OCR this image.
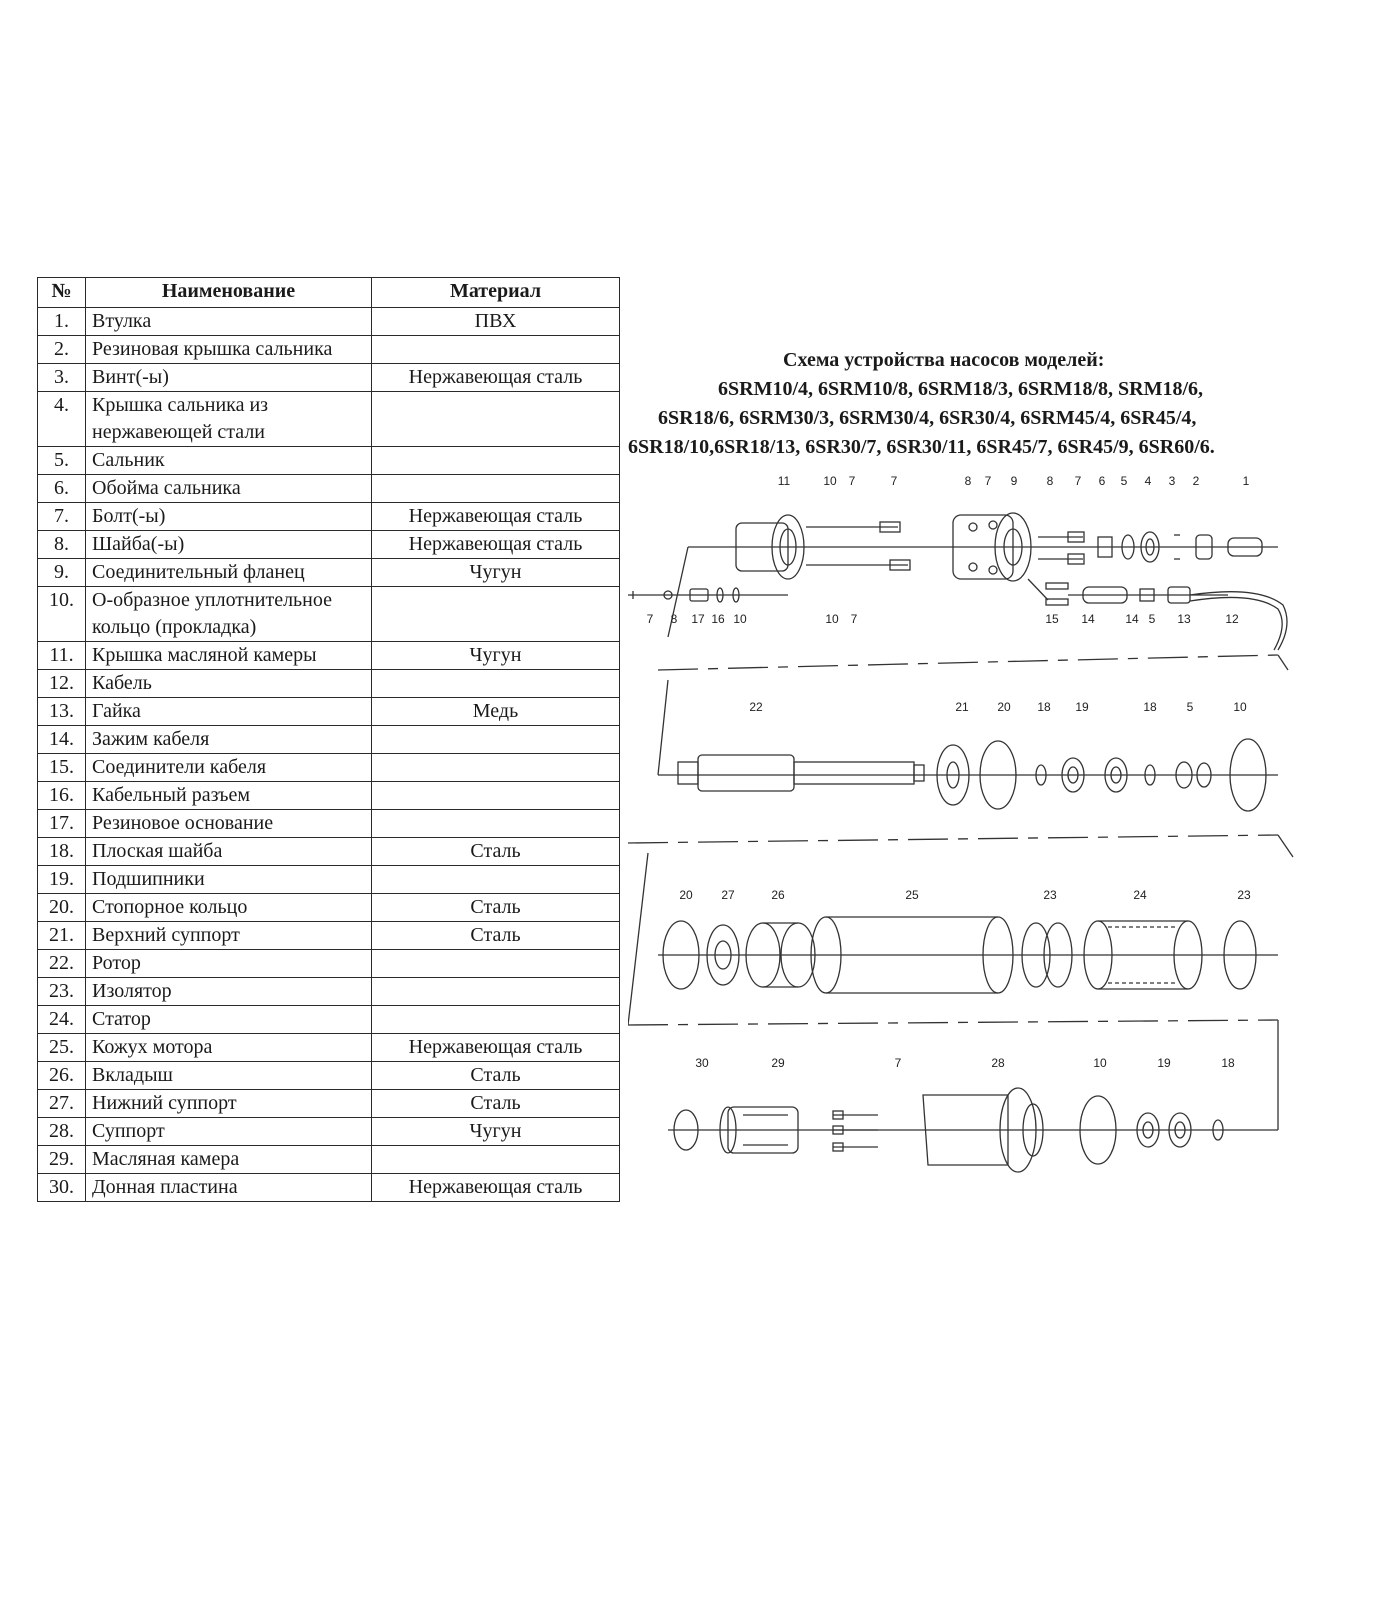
№	Наименование	Материал
1.	Втулка	ПВХ
2.	Резиновая крышка сальника	
3.	Винт(-ы)	Нержавеющая сталь
4.	Крышка сальника из нержавеющей стали	
5.	Сальник	
6.	Обойма сальника	
7.	Болт(-ы)	Нержавеющая сталь
8.	Шайба(-ы)	Нержавеющая сталь
9.	Соединительный фланец	Чугун
10.	О-образное уплотнительное кольцо (прокладка)	
11.	Крышка масляной камеры	Чугун
12.	Кабель	
13.	Гайка	Медь
14.	Зажим кабеля	
15.	Соединители кабеля	
16.	Кабельный разъем	
17.	Резиновое основание	
18.	Плоская шайба	Сталь
19.	Подшипники	
20.	Стопорное кольцо	Сталь
21.	Верхний суппорт	Сталь
22.	Ротор	
23.	Изолятор	
24.	Статор	
25.	Кожух мотора	Нержавеющая сталь
26.	Вкладыш	Сталь
27.	Нижний суппорт	Сталь
28.	Суппорт	Чугун
29.	Масляная камера	
30.	Донная пластина	Нержавеющая сталь
Схема устройства насосов моделей:
6SRM10/4, 6SRM10/8, 6SRM18/3, 6SRM18/8, SRM18/6,
6SR18/6, 6SRM30/3, 6SRM30/4, 6SR30/4, 6SRM45/4, 6SR45/4,
6SR18/10,6SR18/13, 6SR30/7, 6SR30/11, 6SR45/7, 6SR45/9, 6SR60/6.
11	10 7	7	8 7 9 8 7 6 5 4 3 2	1
7 8 17 16 10	10 7	15 14	14 5 13	12
22	21 20 18 19	18 5	10
20 27	26	25	23	24	23
30	29	7	28	10	19	18
